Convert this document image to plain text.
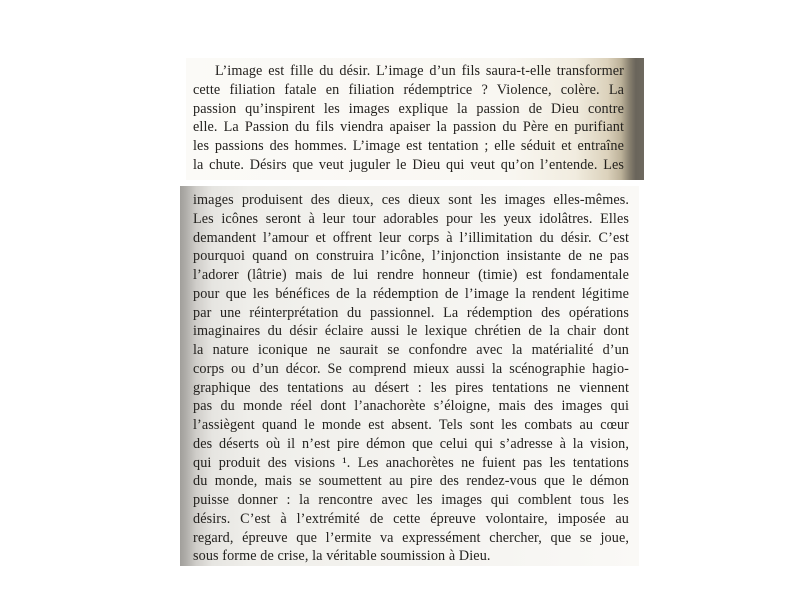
L’image est fille du désir. L’image d’un fils saura-t-elle transformer
cette filiation fatale en filiation rédemptrice ? Violence, colère. La
passion qu’inspirent les images explique la passion de Dieu contre
elle. La Passion du fils viendra apaiser la passion du Père en purifiant
les passions des hommes. L’image est tentation ; elle séduit et entraîne
la chute. Désirs que veut juguler le Dieu qui veut qu’on l’entende. Les
images produisent des dieux, ces dieux sont les images elles-mêmes.
Les icônes seront à leur tour adorables pour les yeux idolâtres. Elles
demandent l’amour et offrent leur corps à l’illimitation du désir. C’est
pourquoi quand on construira l’icône, l’injonction insistante de ne pas
l’adorer (lâtrie) mais de lui rendre honneur (timie) est fondamentale
pour que les bénéfices de la rédemption de l’image la rendent légitime
par une réinterprétation du passionnel. La rédemption des opérations
imaginaires du désir éclaire aussi le lexique chrétien de la chair dont
la nature iconique ne saurait se confondre avec la matérialité d’un
corps ou d’un décor. Se comprend mieux aussi la scénographie hagio-
graphique des tentations au désert : les pires tentations ne viennent
pas du monde réel dont l’anachorète s’éloigne, mais des images qui
l’assiègent quand le monde est absent. Tels sont les combats au cœur
des déserts où il n’est pire démon que celui qui s’adresse à la vision,
qui produit des visions ¹. Les anachorètes ne fuient pas les tentations
du monde, mais se soumettent au pire des rendez-vous que le démon
puisse donner : la rencontre avec les images qui comblent tous les
désirs. C’est à l’extrémité de cette épreuve volontaire, imposée au
regard, épreuve que l’ermite va expressément chercher, que se joue,
sous forme de crise, la véritable soumission à Dieu.
